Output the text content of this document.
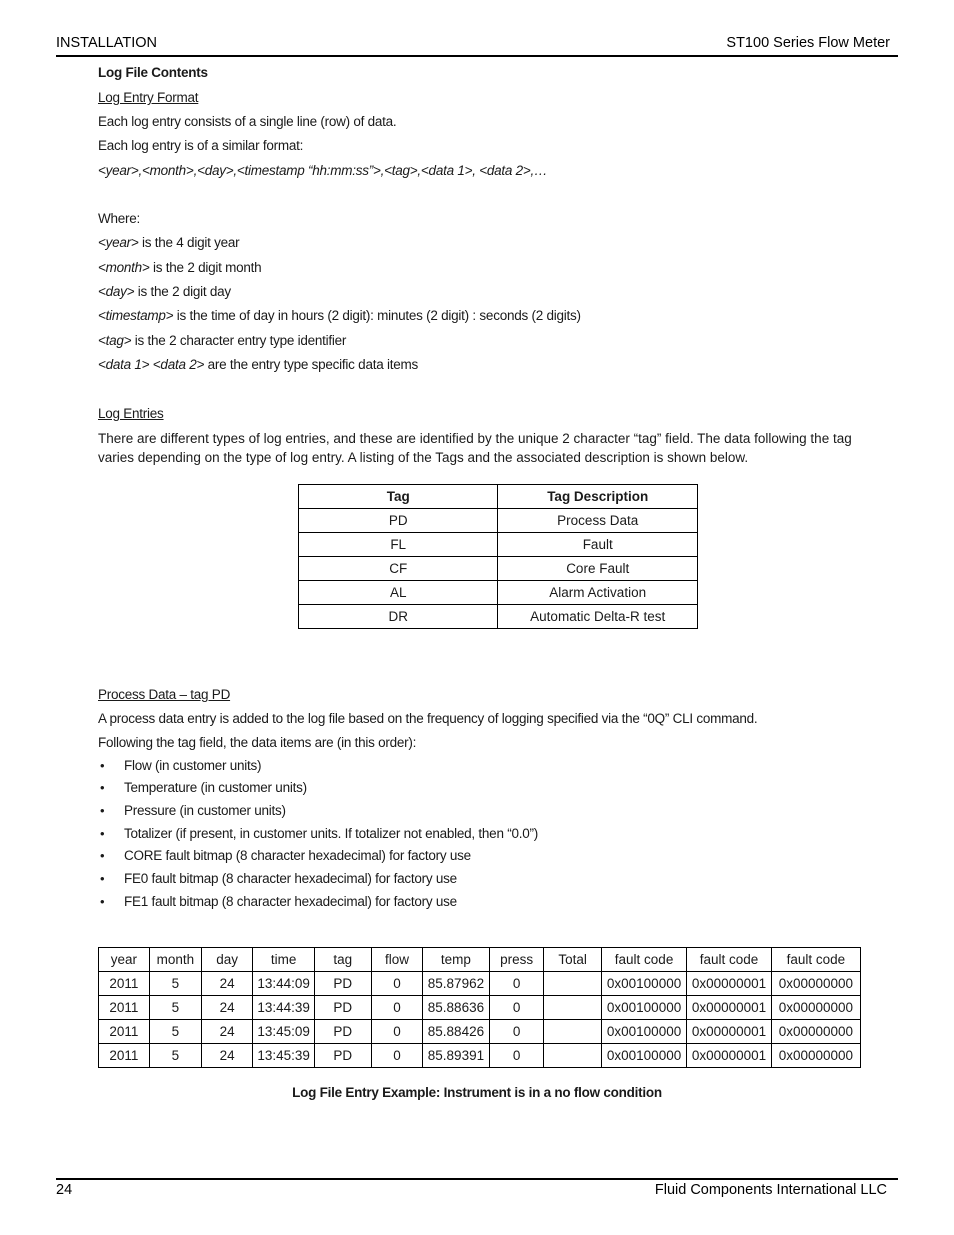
INSTALLATION	ST100 Series Flow Meter
Log File Contents
Log Entry Format
Each log entry consists of a single line (row) of data.
Each log entry is of a similar format:
<year>,<month>,<day>,<timestamp “hh:mm:ss”>,<tag>,<data 1>, <data 2>,…
Where:
<year> is the 4 digit year
<month> is the 2 digit month
<day> is the 2 digit day
<timestamp> is the time of day in hours (2 digit): minutes (2 digit) : seconds (2 digits)
<tag> is the 2 character entry type identifier
<data 1> <data 2> are the entry type specific data items
Log Entries
There are different types of log entries, and these are identified by the unique 2 character “tag” field. The data following the tag varies depending on the type of log entry. A listing of the Tags and the associated description is shown below.
Tag	Tag Description
PD	Process Data
FL	Fault
CF	Core Fault
AL	Alarm Activation
DR	Automatic Delta-R test
Process Data – tag PD
A process data entry is added to the log file based on the frequency of logging specified via the “0Q” CLI command.
Following the tag field, the data items are (in this order):
• Flow (in customer units)
• Temperature (in customer units)
• Pressure (in customer units)
• Totalizer (if present, in customer units. If totalizer not enabled, then “0.0”)
• CORE fault bitmap (8 character hexadecimal) for factory use
• FE0 fault bitmap (8 character hexadecimal) for factory use
• FE1 fault bitmap (8 character hexadecimal) for factory use
year	month	day	time	tag	flow	temp	press	Total	fault code	fault code	fault code
2011	5	24	13:44:09	PD	0	85.87962	0		0x00100000	0x00000001	0x00000000
2011	5	24	13:44:39	PD	0	85.88636	0		0x00100000	0x00000001	0x00000000
2011	5	24	13:45:09	PD	0	85.88426	0		0x00100000	0x00000001	0x00000000
2011	5	24	13:45:39	PD	0	85.89391	0		0x00100000	0x00000001	0x00000000
Log File Entry Example: Instrument is in a no flow condition
24	Fluid Components International LLC
